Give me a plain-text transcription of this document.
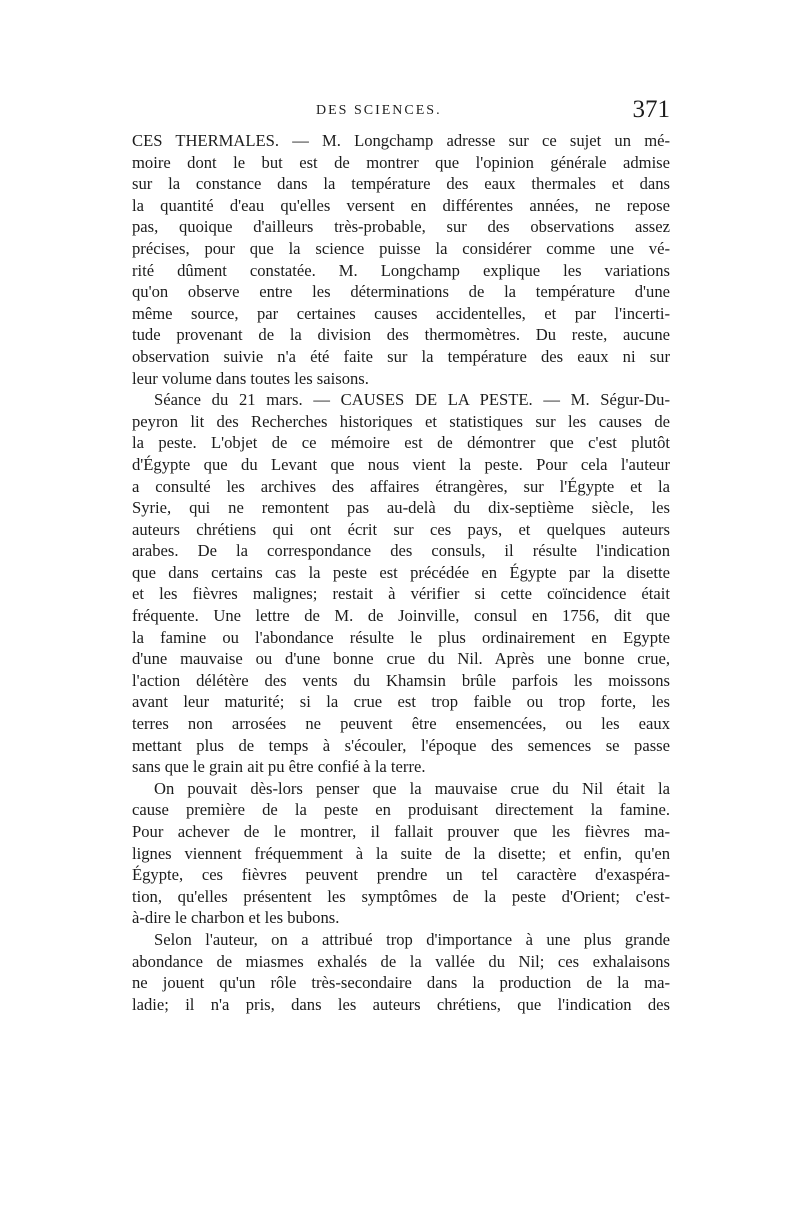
DES SCIENCES.	371
CES THERMALES. — M. Longchamp adresse sur ce sujet un mé-
moire dont le but est de montrer que l'opinion générale admise
sur la constance dans la température des eaux thermales et dans
la quantité d'eau qu'elles versent en différentes années, ne repose
pas, quoique d'ailleurs très-probable, sur des observations assez
précises, pour que la science puisse la considérer comme une vé-
rité dûment constatée. M. Longchamp explique les variations
qu'on observe entre les déterminations de la température d'une
même source, par certaines causes accidentelles, et par l'incerti-
tude provenant de la division des thermomètres. Du reste, aucune
observation suivie n'a été faite sur la température des eaux ni sur
leur volume dans toutes les saisons.
Séance du 21 mars. — CAUSES DE LA PESTE. — M. Ségur-Du-
peyron lit des Recherches historiques et statistiques sur les causes de
la peste. L'objet de ce mémoire est de démontrer que c'est plutôt
d'Égypte que du Levant que nous vient la peste. Pour cela l'auteur
a consulté les archives des affaires étrangères, sur l'Égypte et la
Syrie, qui ne remontent pas au-delà du dix-septième siècle, les
auteurs chrétiens qui ont écrit sur ces pays, et quelques auteurs
arabes. De la correspondance des consuls, il résulte l'indication
que dans certains cas la peste est précédée en Égypte par la disette
et les fièvres malignes; restait à vérifier si cette coïncidence était
fréquente. Une lettre de M. de Joinville, consul en 1756, dit que
la famine ou l'abondance résulte le plus ordinairement en Egypte
d'une mauvaise ou d'une bonne crue du Nil. Après une bonne crue,
l'action délétère des vents du Khamsin brûle parfois les moissons
avant leur maturité; si la crue est trop faible ou trop forte, les
terres non arrosées ne peuvent être ensemencées, ou les eaux
mettant plus de temps à s'écouler, l'époque des semences se passe
sans que le grain ait pu être confié à la terre.
On pouvait dès-lors penser que la mauvaise crue du Nil était la
cause première de la peste en produisant directement la famine.
Pour achever de le montrer, il fallait prouver que les fièvres ma-
lignes viennent fréquemment à la suite de la disette; et enfin, qu'en
Égypte, ces fièvres peuvent prendre un tel caractère d'exaspéra-
tion, qu'elles présentent les symptômes de la peste d'Orient; c'est-
à-dire le charbon et les bubons.
Selon l'auteur, on a attribué trop d'importance à une plus grande
abondance de miasmes exhalés de la vallée du Nil; ces exhalaisons
ne jouent qu'un rôle très-secondaire dans la production de la ma-
ladie; il n'a pris, dans les auteurs chrétiens, que l'indication des
